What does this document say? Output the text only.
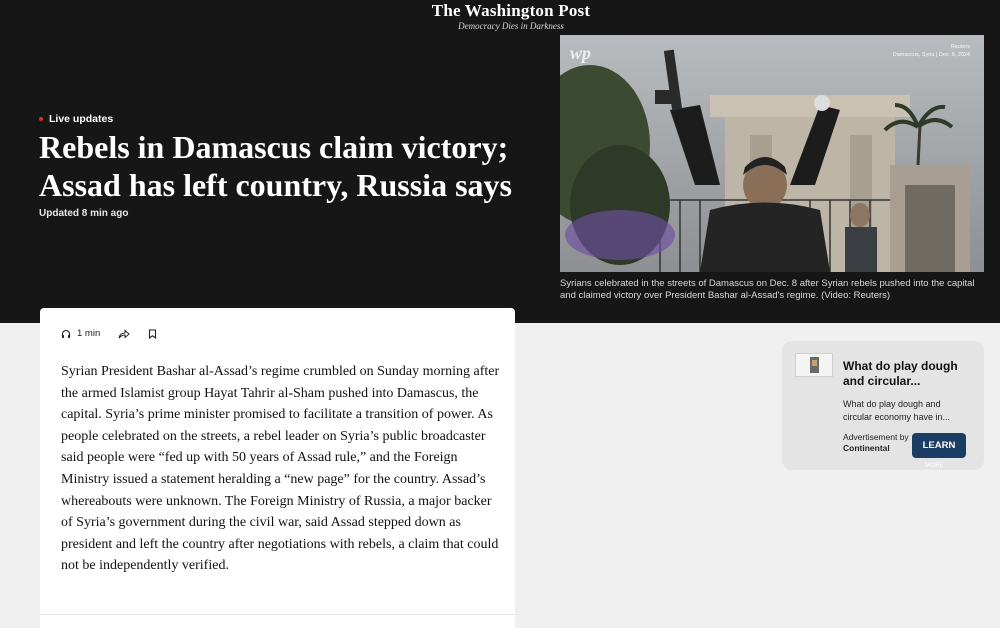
The Washington Post
Democracy Dies in Darkness
Live updates
Rebels in Damascus claim victory; Assad has left country, Russia says
Updated 8 min ago
wp	Reuters
Damascus, Syria | Dec. 8, 2024

Syrians celebrated in the streets of Damascus on Dec. 8 after Syrian rebels pushed into the capital and claimed victory over President Bashar al-Assad's regime. (Video: Reuters)

1 min

Syrian President Bashar al-Assad’s regime crumbled on Sunday morning after the armed Islamist group Hayat Tahrir al-Sham pushed into Damascus, the capital. Syria’s prime minister promised to facilitate a transition of power. As people celebrated on the streets, a rebel leader on Syria’s public broadcaster said people were “fed up with 50 years of Assad rule,” and the Foreign Ministry issued a statement heralding a “new page” for the country. Assad’s whereabouts were unknown. The Foreign Ministry of Russia, a major backer of Syria’s government during the civil war, said Assad stepped down as president and left the country after negotiations with rebels, a claim that could not be independently verified.

What do play dough and circular...

What do play dough and circular economy have in...

Advertisement by
Continental	LEARN
MORE
